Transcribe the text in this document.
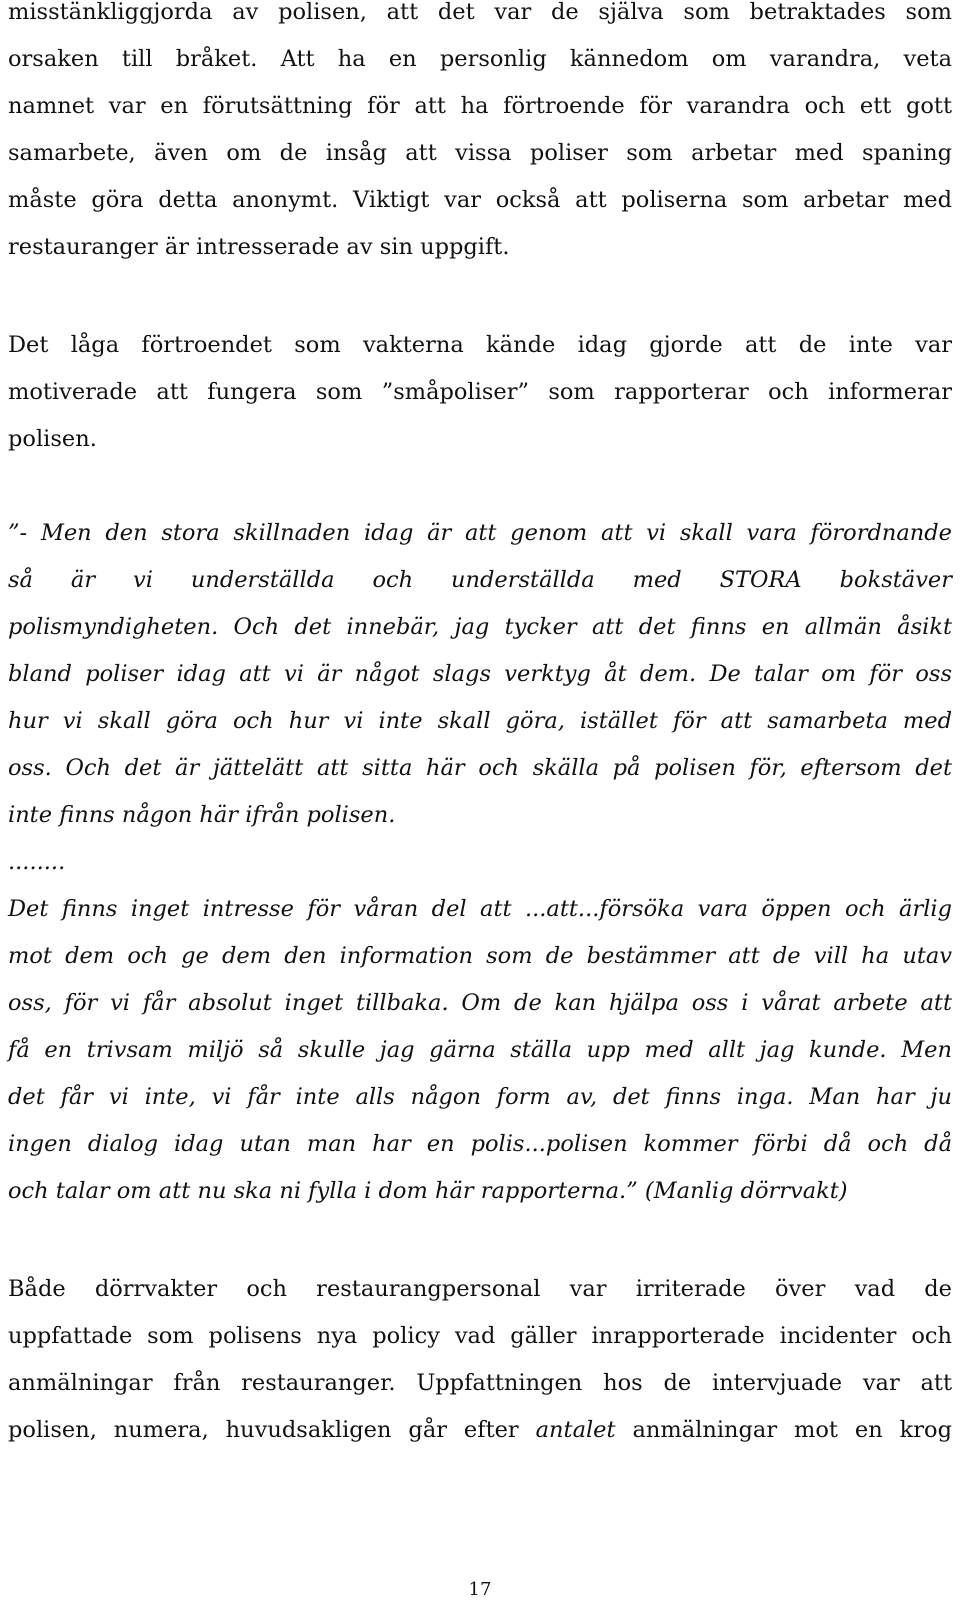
misstänkliggjorda av polisen, att det var de själva som betraktades som
orsaken till bråket. Att ha en personlig kännedom om varandra, veta
namnet var en förutsättning för att ha förtroende för varandra och ett gott
samarbete, även om de insåg att vissa poliser som arbetar med spaning
måste göra detta anonymt. Viktigt var också att poliserna som arbetar med
restauranger är intresserade av sin uppgift.
Det låga förtroendet som vakterna kände idag gjorde att de inte var
motiverade att fungera som ”småpoliser” som rapporterar och informerar
polisen.
”- Men den stora skillnaden idag är att genom att vi skall vara förordnande
så är vi underställda och underställda med STORA bokstäver
polismyndigheten. Och det innebär, jag tycker att det finns en allmän åsikt
bland poliser idag att vi är något slags verktyg åt dem. De talar om för oss
hur vi skall göra och hur vi inte skall göra, istället för att samarbeta med
oss. Och det är jättelätt att sitta här och skälla på polisen för, eftersom det
inte finns någon här ifrån polisen.
........
Det finns inget intresse för våran del att ...att...försöka vara öppen och ärlig
mot dem och ge dem den information som de bestämmer att de vill ha utav
oss, för vi får absolut inget tillbaka. Om de kan hjälpa oss i vårat arbete att
få en trivsam miljö så skulle jag gärna ställa upp med allt jag kunde. Men
det får vi inte, vi får inte alls någon form av, det finns inga. Man har ju
ingen dialog idag utan man har en polis...polisen kommer förbi då och då
och talar om att nu ska ni fylla i dom här rapporterna.” (Manlig dörrvakt)
Både dörrvakter och restaurangpersonal var irriterade över vad de
uppfattade som polisens nya policy vad gäller inrapporterade incidenter och
anmälningar från restauranger. Uppfattningen hos de intervjuade var att
polisen, numera, huvudsakligen går efter antalet anmälningar mot en krog
17
